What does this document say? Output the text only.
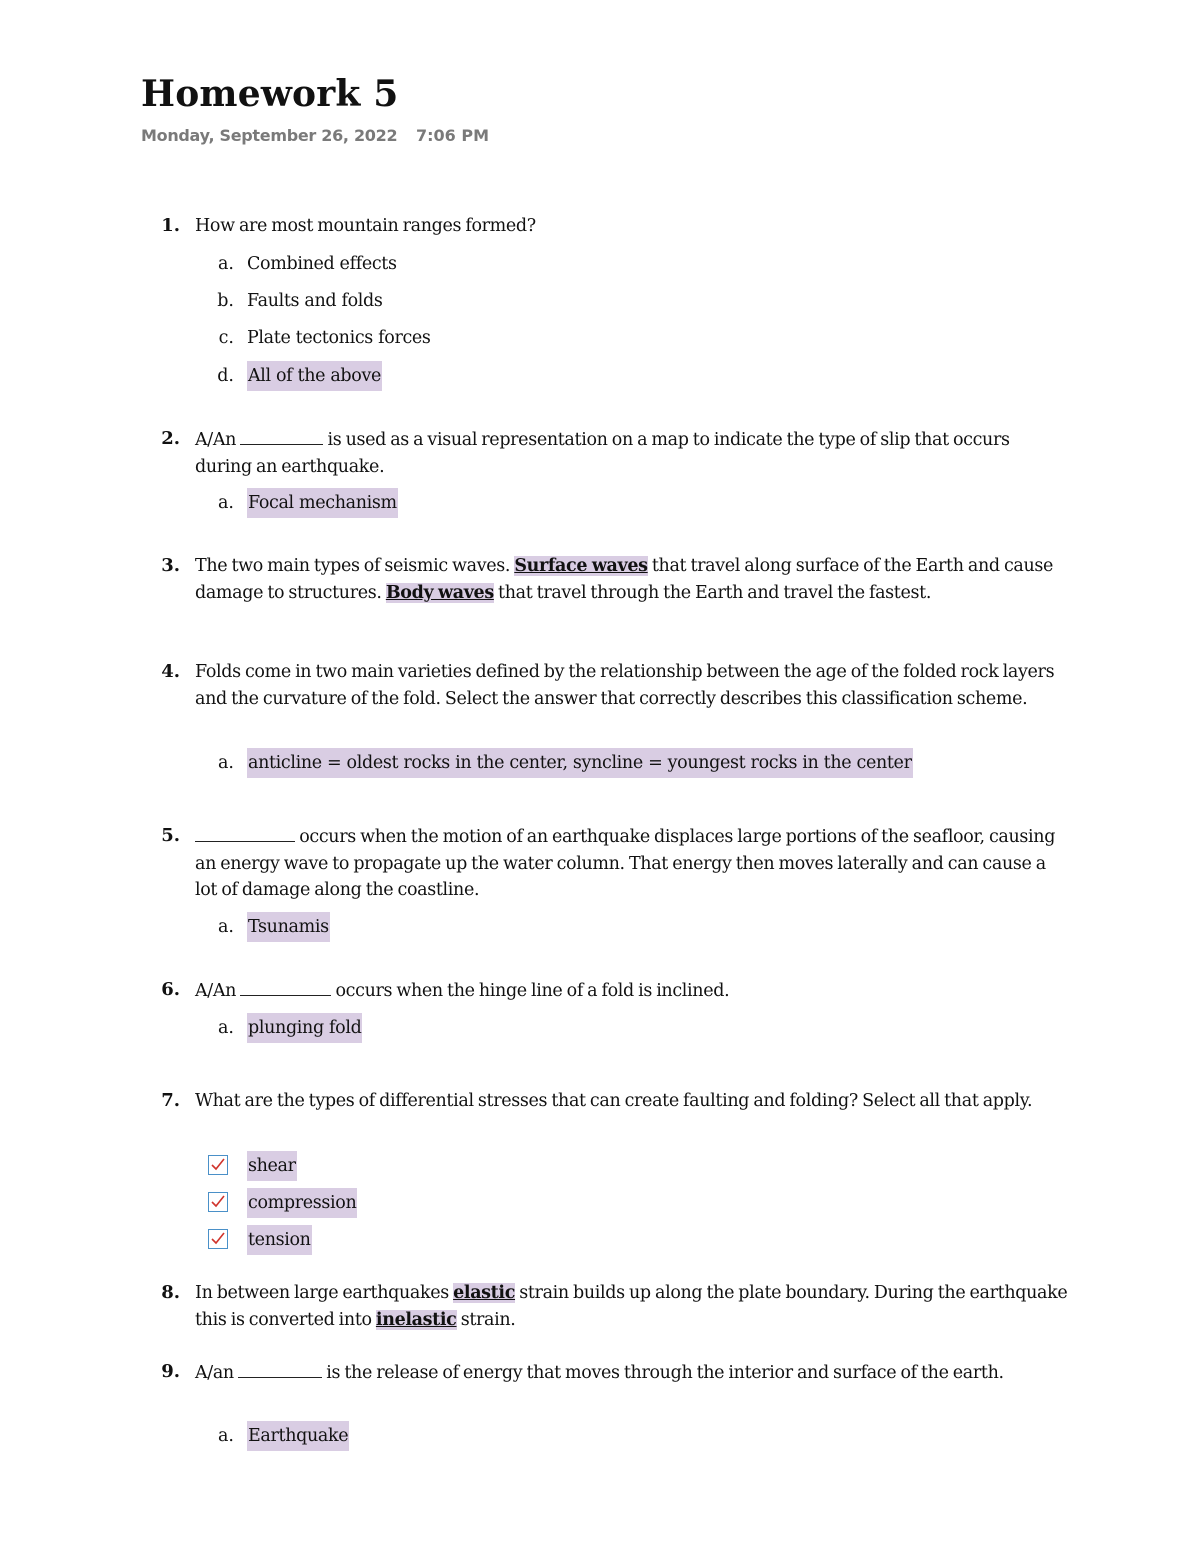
Homework 5
Monday, September 26, 2022 7:06 PM
1. How are most mountain ranges formed?
a. Combined effects
b. Faults and folds
c. Plate tectonics forces
d. All of the above
2. A/An	is used as a visual representation on a map to indicate the type of slip that occurs during an earthquake.
a. Focal mechanism
3. The two main types of seismic waves. Surface waves that travel along surface of the Earth and cause damage to structures. Body waves that travel through the Earth and travel the fastest.
4. Folds come in two main varieties defined by the relationship between the age of the folded rock layers and the curvature of the fold. Select the answer that correctly describes this classification scheme.
a. anticline = oldest rocks in the center, syncline = youngest rocks in the center
5.	occurs when the motion of an earthquake displaces large portions of the seafloor, causing an energy wave to propagate up the water column. That energy then moves laterally and can cause a lot of damage along the coastline.
a. Tsunamis
6. A/An	occurs when the hinge line of a fold is inclined.
a. plunging fold
7. What are the types of differential stresses that can create faulting and folding? Select all that apply.
shear
compression
tension
8. In between large earthquakes elastic strain builds up along the plate boundary. During the earthquake this is converted into inelastic strain.
9. A/an	is the release of energy that moves through the interior and surface of the earth.
a. Earthquake
